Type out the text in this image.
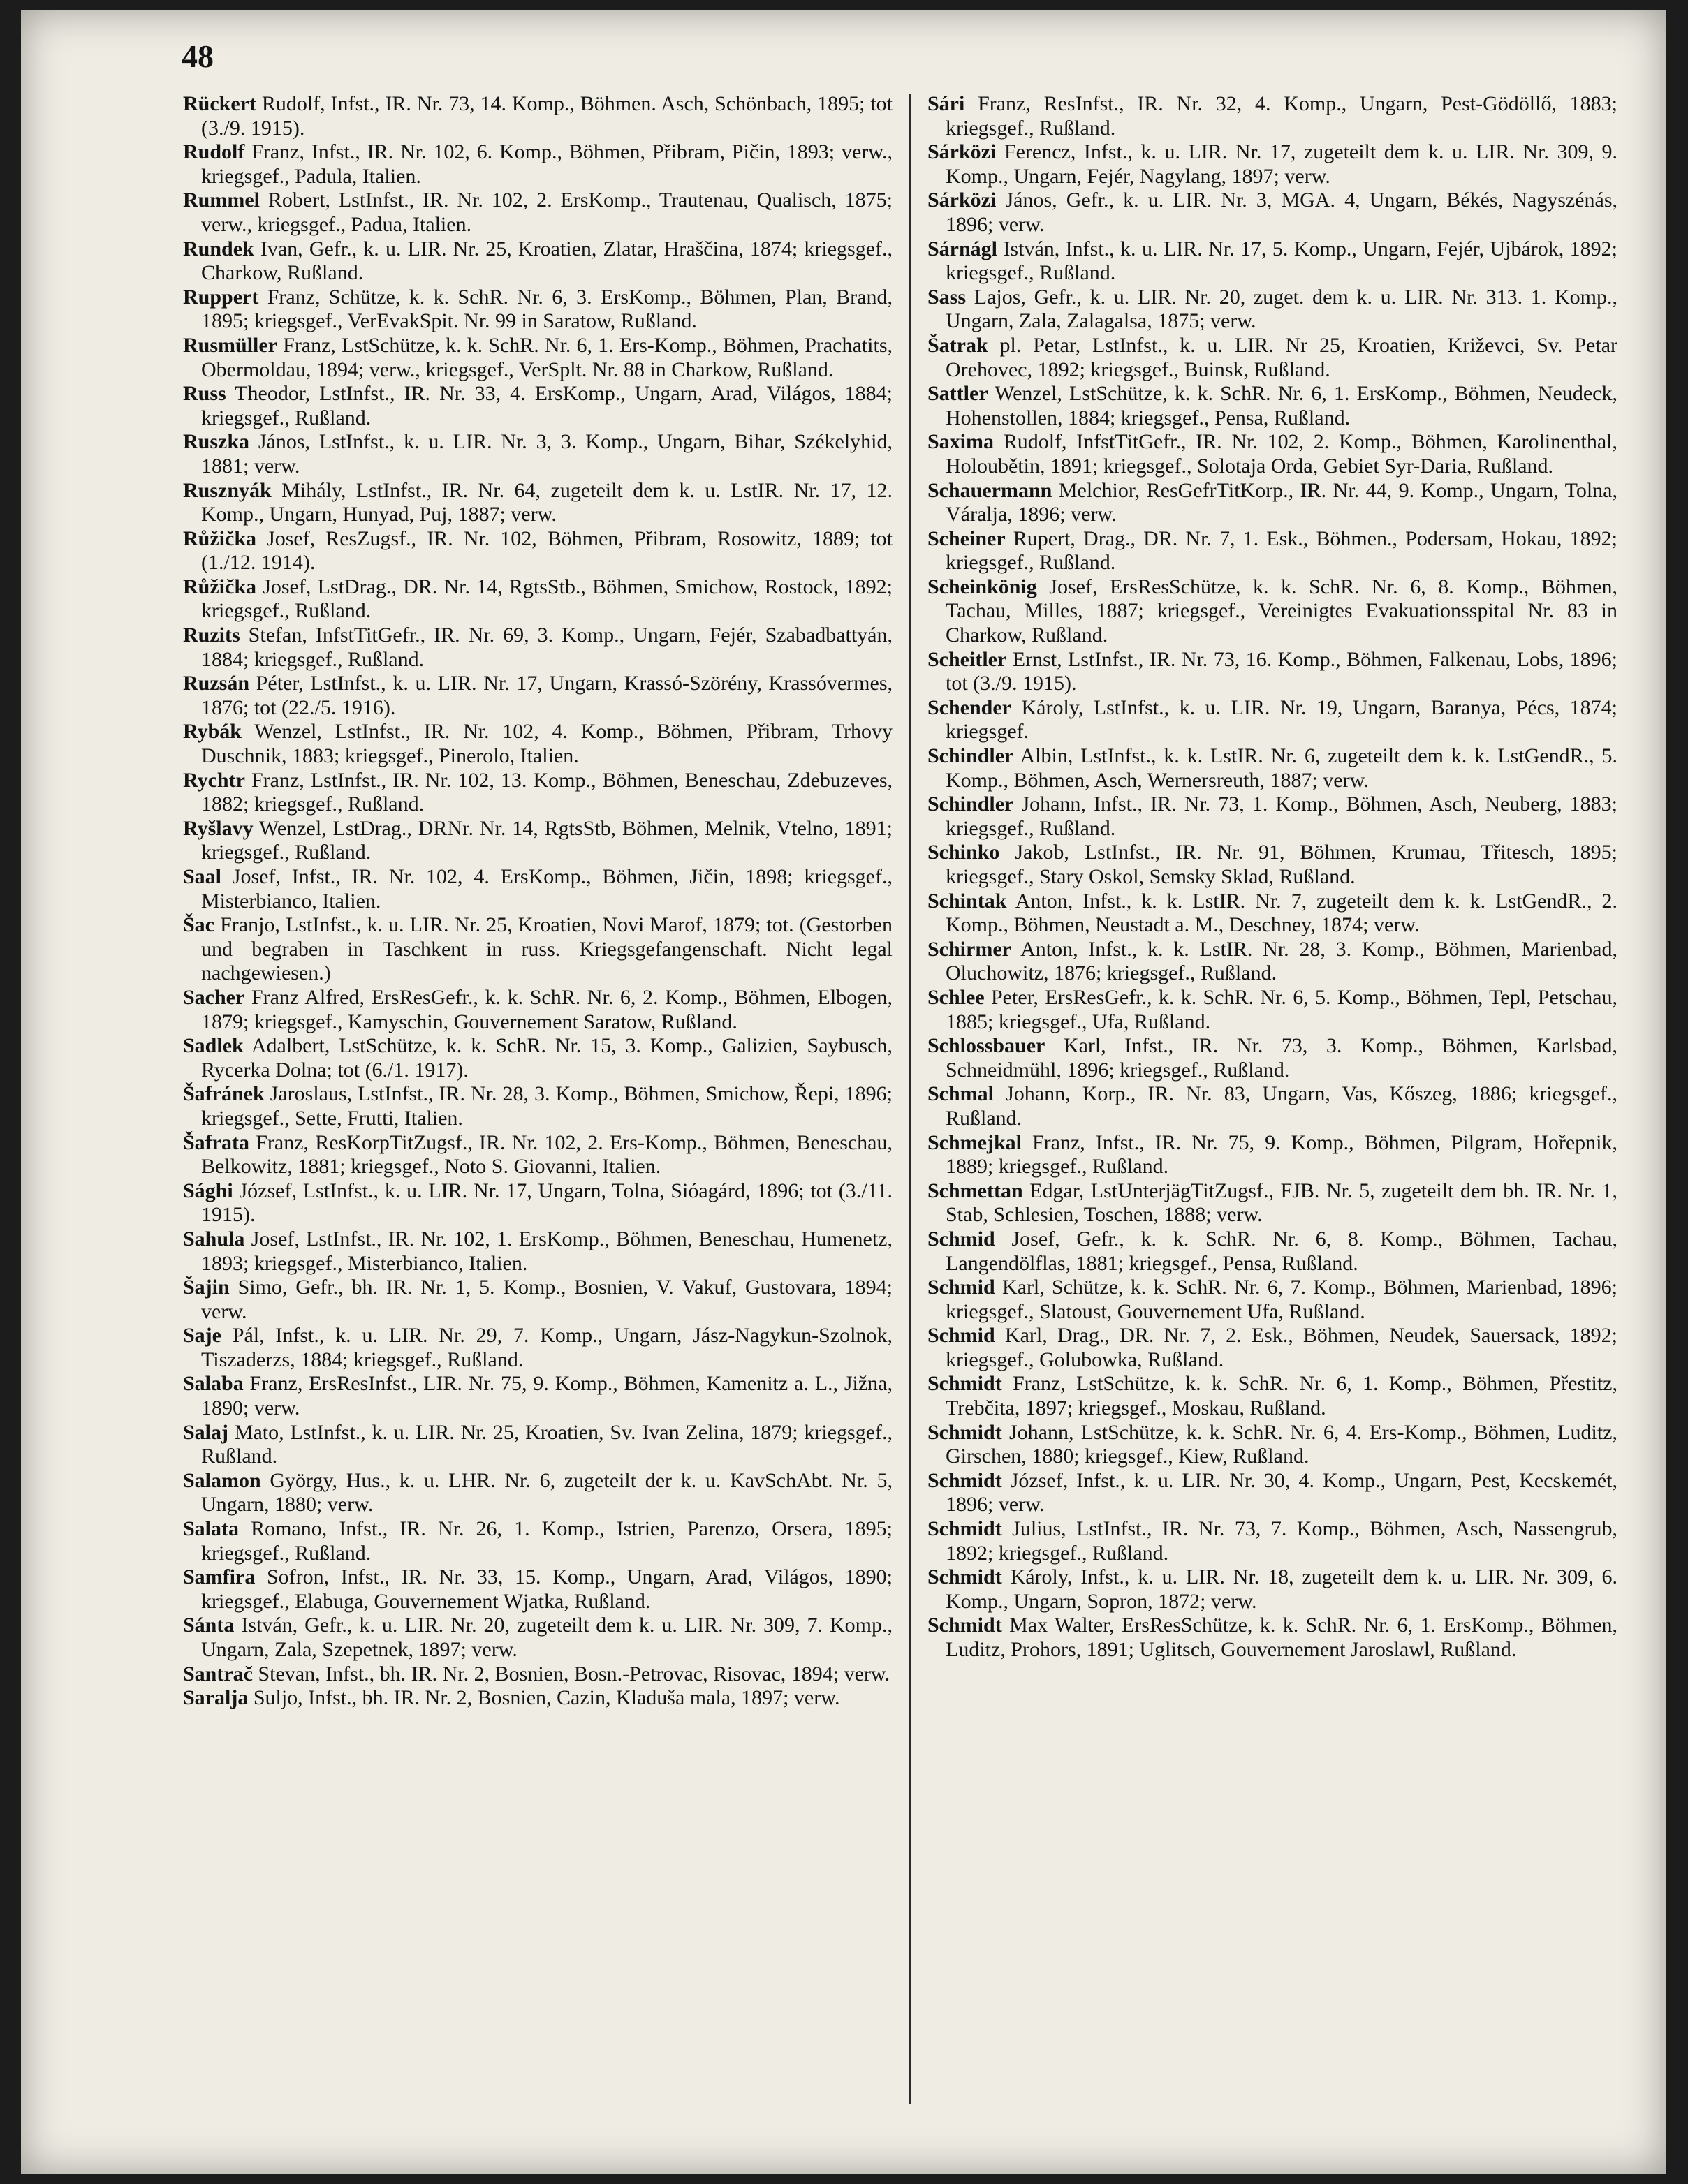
48

Rückert Rudolf, Infst., IR. Nr. 73, 14. Komp., Böhmen. Asch, Schönbach, 1895; tot (3./9. 1915).

Rudolf Franz, Infst., IR. Nr. 102, 6. Komp., Böhmen, Přibram, Pičin, 1893; verw., kriegsgef., Padula, Italien.

Rummel Robert, LstInfst., IR. Nr. 102, 2. ErsKomp., Trautenau, Qualisch, 1875; verw., kriegsgef., Padua, Italien.

Rundek Ivan, Gefr., k. u. LIR. Nr. 25, Kroatien, Zlatar, Hraščina, 1874; kriegsgef., Charkow, Rußland.

Ruppert Franz, Schütze, k. k. SchR. Nr. 6, 3. ErsKomp., Böhmen, Plan, Brand, 1895; kriegsgef., VerEvakSpit. Nr. 99 in Saratow, Rußland.

Rusmüller Franz, LstSchütze, k. k. SchR. Nr. 6, 1. Ers-Komp., Böhmen, Prachatits, Obermoldau, 1894; verw., kriegsgef., VerSplt. Nr. 88 in Charkow, Rußland.

Russ Theodor, LstInfst., IR. Nr. 33, 4. ErsKomp., Ungarn, Arad, Világos, 1884; kriegsgef., Rußland.

Ruszka János, LstInfst., k. u. LIR. Nr. 3, 3. Komp., Ungarn, Bihar, Székelyhid, 1881; verw.

Rusznyák Mihály, LstInfst., IR. Nr. 64, zugeteilt dem k. u. LstIR. Nr. 17, 12. Komp., Ungarn, Hunyad, Puj, 1887; verw.

Růžička Josef, ResZugsf., IR. Nr. 102, Böhmen, Přibram, Rosowitz, 1889; tot (1./12. 1914).

Růžička Josef, LstDrag., DR. Nr. 14, RgtsStb., Böhmen, Smichow, Rostock, 1892; kriegsgef., Rußland.

Ruzits Stefan, InfstTitGefr., IR. Nr. 69, 3. Komp., Ungarn, Fejér, Szabadbattyán, 1884; kriegsgef., Rußland.

Ruzsán Péter, LstInfst., k. u. LIR. Nr. 17, Ungarn, Krassó-Szörény, Krassóvermes, 1876; tot (22./5. 1916).

Rybák Wenzel, LstInfst., IR. Nr. 102, 4. Komp., Böhmen, Přibram, Trhovy Duschnik, 1883; kriegsgef., Pinerolo, Italien.

Rychtr Franz, LstInfst., IR. Nr. 102, 13. Komp., Böhmen, Beneschau, Zdebuzeves, 1882; kriegsgef., Rußland.

Ryšlavy Wenzel, LstDrag., DRNr. Nr. 14, RgtsStb, Böhmen, Melnik, Vtelno, 1891; kriegsgef., Rußland.

Saal Josef, Infst., IR. Nr. 102, 4. ErsKomp., Böhmen, Jičin, 1898; kriegsgef., Misterbianco, Italien.

Šac Franjo, LstInfst., k. u. LIR. Nr. 25, Kroatien, Novi Marof, 1879; tot. (Gestorben und begraben in Taschkent in russ. Kriegsgefangenschaft. Nicht legal nachgewiesen.)

Sacher Franz Alfred, ErsResGefr., k. k. SchR. Nr. 6, 2. Komp., Böhmen, Elbogen, 1879; kriegsgef., Kamyschin, Gouvernement Saratow, Rußland.

Sadlek Adalbert, LstSchütze, k. k. SchR. Nr. 15, 3. Komp., Galizien, Saybusch, Rycerka Dolna; tot (6./1. 1917).

Šafránek Jaroslaus, LstInfst., IR. Nr. 28, 3. Komp., Böhmen, Smichow, Řepi, 1896; kriegsgef., Sette, Frutti, Italien.

Šafrata Franz, ResKorpTitZugsf., IR. Nr. 102, 2. Ers-Komp., Böhmen, Beneschau, Belkowitz, 1881; kriegsgef., Noto S. Giovanni, Italien.

Sághi József, LstInfst., k. u. LIR. Nr. 17, Ungarn, Tolna, Sióagárd, 1896; tot (3./11. 1915).

Sahula Josef, LstInfst., IR. Nr. 102, 1. ErsKomp., Böhmen, Beneschau, Humenetz, 1893; kriegsgef., Misterbianco, Italien.

Šajin Simo, Gefr., bh. IR. Nr. 1, 5. Komp., Bosnien, V. Vakuf, Gustovara, 1894; verw.

Saje Pál, Infst., k. u. LIR. Nr. 29, 7. Komp., Ungarn, Jász-Nagykun-Szolnok, Tiszaderzs, 1884; kriegsgef., Rußland.

Salaba Franz, ErsResInfst., LIR. Nr. 75, 9. Komp., Böhmen, Kamenitz a. L., Jižna, 1890; verw.

Salaj Mato, LstInfst., k. u. LIR. Nr. 25, Kroatien, Sv. Ivan Zelina, 1879; kriegsgef., Rußland.

Salamon György, Hus., k. u. LHR. Nr. 6, zugeteilt der k. u. KavSchAbt. Nr. 5, Ungarn, 1880; verw.

Salata Romano, Infst., IR. Nr. 26, 1. Komp., Istrien, Parenzo, Orsera, 1895; kriegsgef., Rußland.

Samfira Sofron, Infst., IR. Nr. 33, 15. Komp., Ungarn, Arad, Világos, 1890; kriegsgef., Elabuga, Gouvernement Wjatka, Rußland.

Sánta István, Gefr., k. u. LIR. Nr. 20, zugeteilt dem k. u. LIR. Nr. 309, 7. Komp., Ungarn, Zala, Szepetnek, 1897; verw.

Santrač Stevan, Infst., bh. IR. Nr. 2, Bosnien, Bosn.-Petrovac, Risovac, 1894; verw.

Saralja Suljo, Infst., bh. IR. Nr. 2, Bosnien, Cazin, Kladuša mala, 1897; verw.

Sári Franz, ResInfst., IR. Nr. 32, 4. Komp., Ungarn, Pest-Gödöllő, 1883; kriegsgef., Rußland.

Sárközi Ferencz, Infst., k. u. LIR. Nr. 17, zugeteilt dem k. u. LIR. Nr. 309, 9. Komp., Ungarn, Fejér, Nagylang, 1897; verw.

Sárközi János, Gefr., k. u. LIR. Nr. 3, MGA. 4, Ungarn, Békés, Nagyszénás, 1896; verw.

Sárnágl István, Infst., k. u. LIR. Nr. 17, 5. Komp., Ungarn, Fejér, Ujbárok, 1892; kriegsgef., Rußland.

Sass Lajos, Gefr., k. u. LIR. Nr. 20, zuget. dem k. u. LIR. Nr. 313. 1. Komp., Ungarn, Zala, Zalagalsa, 1875; verw.

Šatrak pl. Petar, LstInfst., k. u. LIR. Nr 25, Kroatien, Križevci, Sv. Petar Orehovec, 1892; kriegsgef., Buinsk, Rußland.

Sattler Wenzel, LstSchütze, k. k. SchR. Nr. 6, 1. ErsKomp., Böhmen, Neudeck, Hohenstollen, 1884; kriegsgef., Pensa, Rußland.

Saxima Rudolf, InfstTitGefr., IR. Nr. 102, 2. Komp., Böhmen, Karolinenthal, Holoubětin, 1891; kriegsgef., Solotaja Orda, Gebiet Syr-Daria, Rußland.

Schauermann Melchior, ResGefrTitKorp., IR. Nr. 44, 9. Komp., Ungarn, Tolna, Váralja, 1896; verw.

Scheiner Rupert, Drag., DR. Nr. 7, 1. Esk., Böhmen., Podersam, Hokau, 1892; kriegsgef., Rußland.

Scheinkönig Josef, ErsResSchütze, k. k. SchR. Nr. 6, 8. Komp., Böhmen, Tachau, Milles, 1887; kriegsgef., Vereinigtes Evakuationsspital Nr. 83 in Charkow, Rußland.

Scheitler Ernst, LstInfst., IR. Nr. 73, 16. Komp., Böhmen, Falkenau, Lobs, 1896; tot (3./9. 1915).

Schender Károly, LstInfst., k. u. LIR. Nr. 19, Ungarn, Baranya, Pécs, 1874; kriegsgef.

Schindler Albin, LstInfst., k. k. LstIR. Nr. 6, zugeteilt dem k. k. LstGendR., 5. Komp., Böhmen, Asch, Wernersreuth, 1887; verw.

Schindler Johann, Infst., IR. Nr. 73, 1. Komp., Böhmen, Asch, Neuberg, 1883; kriegsgef., Rußland.

Schinko Jakob, LstInfst., IR. Nr. 91, Böhmen, Krumau, Třitesch, 1895; kriegsgef., Stary Oskol, Semsky Sklad, Rußland.

Schintak Anton, Infst., k. k. LstIR. Nr. 7, zugeteilt dem k. k. LstGendR., 2. Komp., Böhmen, Neustadt a. M., Deschney, 1874; verw.

Schirmer Anton, Infst., k. k. LstIR. Nr. 28, 3. Komp., Böhmen, Marienbad, Oluchowitz, 1876; kriegsgef., Rußland.

Schlee Peter, ErsResGefr., k. k. SchR. Nr. 6, 5. Komp., Böhmen, Tepl, Petschau, 1885; kriegsgef., Ufa, Rußland.

Schlossbauer Karl, Infst., IR. Nr. 73, 3. Komp., Böhmen, Karlsbad, Schneidmühl, 1896; kriegsgef., Rußland.

Schmal Johann, Korp., IR. Nr. 83, Ungarn, Vas, Kőszeg, 1886; kriegsgef., Rußland.

Schmejkal Franz, Infst., IR. Nr. 75, 9. Komp., Böhmen, Pilgram, Hořepnik, 1889; kriegsgef., Rußland.

Schmettan Edgar, LstUnterjägTitZugsf., FJB. Nr. 5, zugeteilt dem bh. IR. Nr. 1, Stab, Schlesien, Toschen, 1888; verw.

Schmid Josef, Gefr., k. k. SchR. Nr. 6, 8. Komp., Böhmen, Tachau, Langendölflas, 1881; kriegsgef., Pensa, Rußland.

Schmid Karl, Schütze, k. k. SchR. Nr. 6, 7. Komp., Böhmen, Marienbad, 1896; kriegsgef., Slatoust, Gouvernement Ufa, Rußland.

Schmid Karl, Drag., DR. Nr. 7, 2. Esk., Böhmen, Neudek, Sauersack, 1892; kriegsgef., Golubowka, Rußland.

Schmidt Franz, LstSchütze, k. k. SchR. Nr. 6, 1. Komp., Böhmen, Přestitz, Trebčita, 1897; kriegsgef., Moskau, Rußland.

Schmidt Johann, LstSchütze, k. k. SchR. Nr. 6, 4. Ers-Komp., Böhmen, Luditz, Girschen, 1880; kriegsgef., Kiew, Rußland.

Schmidt József, Infst., k. u. LIR. Nr. 30, 4. Komp., Ungarn, Pest, Kecskemét, 1896; verw.

Schmidt Julius, LstInfst., IR. Nr. 73, 7. Komp., Böhmen, Asch, Nassengrub, 1892; kriegsgef., Rußland.

Schmidt Károly, Infst., k. u. LIR. Nr. 18, zugeteilt dem k. u. LIR. Nr. 309, 6. Komp., Ungarn, Sopron, 1872; verw.

Schmidt Max Walter, ErsResSchütze, k. k. SchR. Nr. 6, 1. ErsKomp., Böhmen, Luditz, Prohors, 1891; Uglitsch, Gouvernement Jaroslawl, Rußland.
